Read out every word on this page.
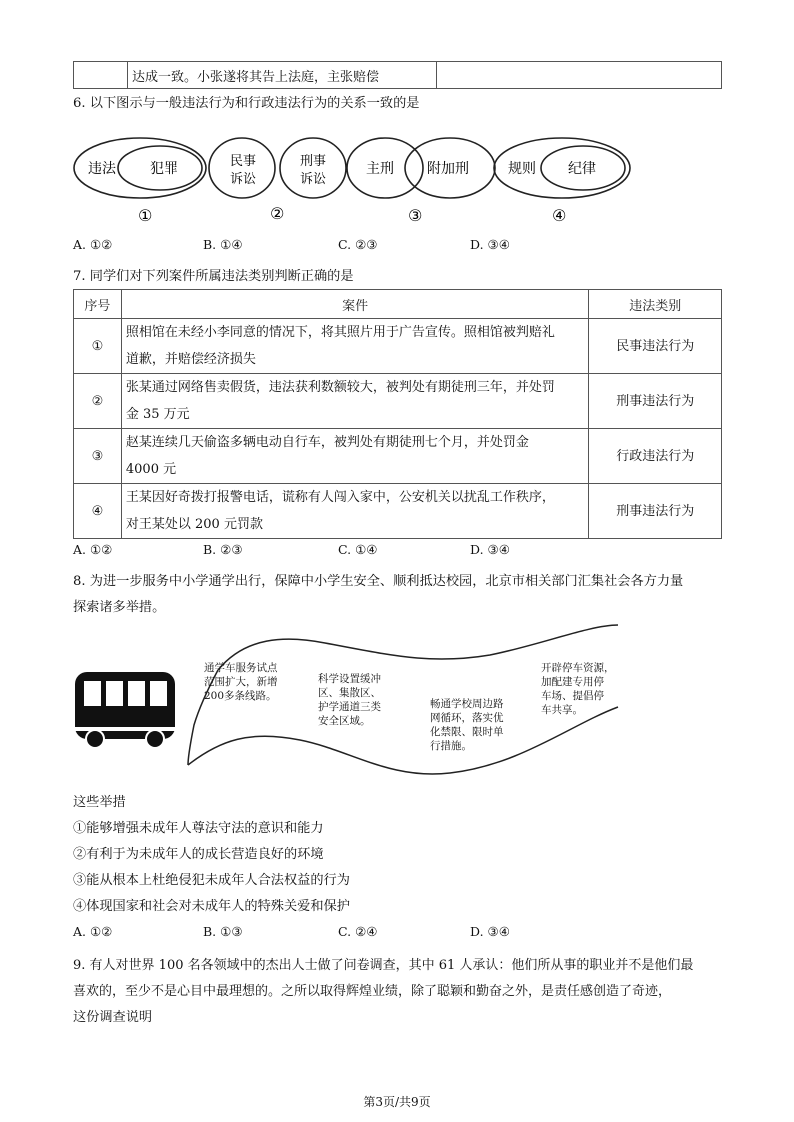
	达成一致。小张遂将其告上法庭，主张赔偿	
6. 以下图示与一般违法行为和行政违法行为的关系一致的是
违法 犯罪	民事
诉讼
刑事
诉讼
主刑 附加刑	规则 纪律
①	②	③	④
A. ①②	B. ①④	C. ②③	D. ③④
7. 同学们对下列案件所属违法类别判断正确的是
序号	案件	违法类别
①	照相馆在未经小李同意的情况下，将其照片用于广告宣传。照相馆被判赔礼
道歉，并赔偿经济损失	民事违法行为
②	张某通过网络售卖假货，违法获利数额较大，被判处有期徒刑三年，并处罚
金 35 万元	刑事违法行为
③	赵某连续几天偷盗多辆电动自行车，被判处有期徒刑七个月，并处罚金
4000 元	行政违法行为
④	王某因好奇拨打报警电话，谎称有人闯入家中，公安机关以扰乱工作秩序，
对王某处以 200 元罚款	刑事违法行为
A. ①②	B. ②③	C. ①④	D. ③④
8. 为进一步服务中小学通学出行，保障中小学生安全、顺利抵达校园，北京市相关部门汇集社会各方力量
探索诸多举措。
通学车服务试点
范围扩大，新增
200多条线路。
科学设置缓冲
区、集散区、
护学通道三类
安全区域。
畅通学校周边路
网循环，落实优
化禁限、限时单
行措施。
开辟停车资源，
加配建专用停
车场、提倡停
车共享。
这些举措
①能够增强未成年人尊法守法的意识和能力
②有利于为未成年人的成长营造良好的环境
③能从根本上杜绝侵犯未成年人合法权益的行为
④体现国家和社会对未成年人的特殊关爱和保护
A. ①②	B. ①③	C. ②④	D. ③④
9. 有人对世界 100 名各领域中的杰出人士做了问卷调查，其中 61 人承认：他们所从事的职业并不是他们最
喜欢的，至少不是心目中最理想的。之所以取得辉煌业绩，除了聪颖和勤奋之外，是责任感创造了奇迹，
这份调查说明
第3页/共9页
